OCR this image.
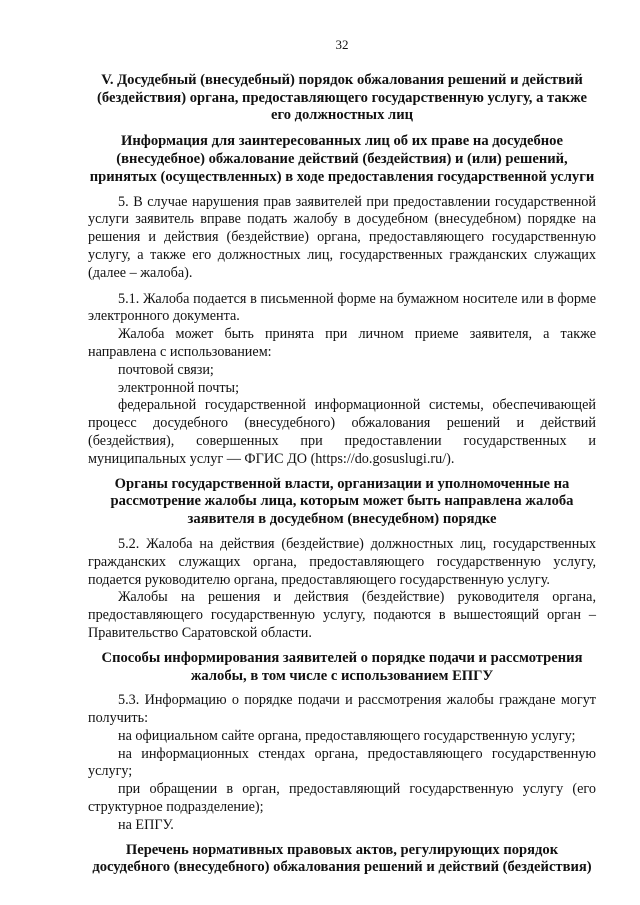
32
V. Досудебный (внесудебный) порядок обжалования решений и действий (бездействия) органа, предоставляющего государственную услугу, а также его должностных лиц
Информация для заинтересованных лиц об их праве на досудебное (внесудебное) обжалование действий (бездействия) и (или) решений, принятых (осуществленных) в ходе предоставления государственной услуги

5. В случае нарушения прав заявителей при предоставлении государственной услуги заявитель вправе подать жалобу в досудебном (внесудебном) порядке на решения и действия (бездействие) органа, предоставляющего государственную услугу, а также его должностных лиц, государственных гражданских служащих (далее – жалоба).

5.1. Жалоба подается в письменной форме на бумажном носителе или в форме электронного документа.

Жалоба может быть принята при личном приеме заявителя, а также направлена с использованием:

почтовой связи;

электронной почты;

федеральной государственной информационной системы, обеспечивающей процесс досудебного (внесудебного) обжалования решений и действий (бездействия), совершенных при предоставлении государственных и муниципальных услуг — ФГИС ДО (https://do.gosuslugi.ru/).

Органы государственной власти, организации и уполномоченные на рассмотрение жалобы лица, которым может быть направлена жалоба заявителя в досудебном (внесудебном) порядке

5.2. Жалоба на действия (бездействие) должностных лиц, государственных гражданских служащих органа, предоставляющего государственную услугу, подается руководителю органа, предоставляющего государственную услугу.

Жалобы на решения и действия (бездействие) руководителя органа, предоставляющего государственную услугу, подаются в вышестоящий орган – Правительство Саратовской области.

Способы информирования заявителей о порядке подачи и рассмотрения жалобы, в том числе с использованием ЕПГУ

5.3. Информацию о порядке подачи и рассмотрения жалобы граждане могут получить:

на официальном сайте органа, предоставляющего государственную услугу;

на информационных стендах органа, предоставляющего государственную услугу;

при обращении в орган, предоставляющий государственную услугу (его структурное подразделение);

на ЕПГУ.

Перечень нормативных правовых актов, регулирующих порядок досудебного (внесудебного) обжалования решений и действий (бездействия)
